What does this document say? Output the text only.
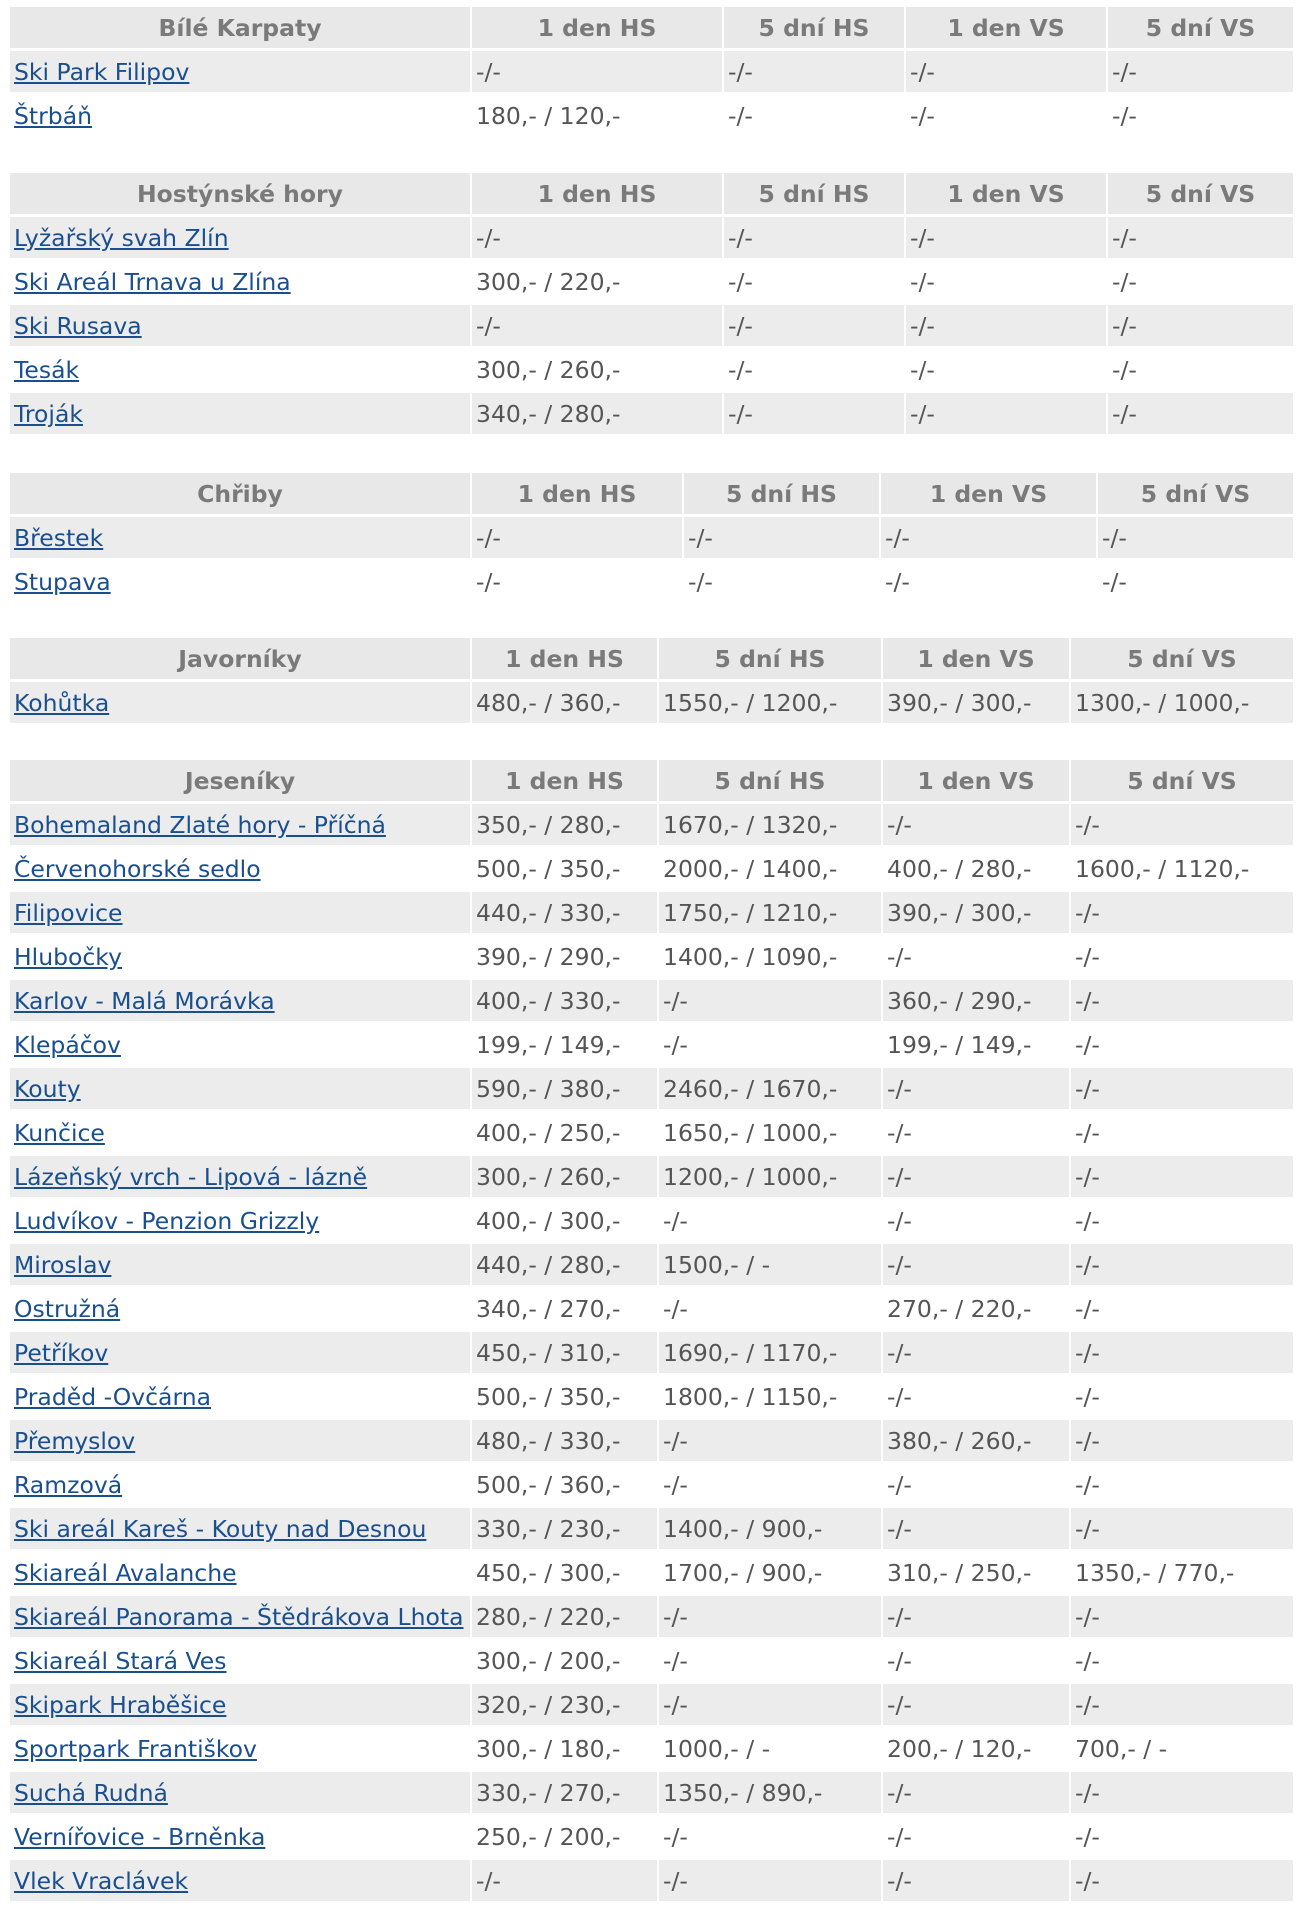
Bílé Karpaty	1 den HS	5 dní HS	1 den VS	5 dní VS
Ski Park Filipov	-/-	-/-	-/-	-/-
Štrbáň	180,- / 120,-	-/-	-/-	-/-
Hostýnské hory	1 den HS	5 dní HS	1 den VS	5 dní VS
Lyžařský svah Zlín	-/-	-/-	-/-	-/-
Ski Areál Trnava u Zlína	300,- / 220,-	-/-	-/-	-/-
Ski Rusava	-/-	-/-	-/-	-/-
Tesák	300,- / 260,-	-/-	-/-	-/-
Troják	340,- / 280,-	-/-	-/-	-/-
Chřiby	1 den HS	5 dní HS	1 den VS	5 dní VS
Břestek	-/-	-/-	-/-	-/-
Stupava	-/-	-/-	-/-	-/-
Javorníky	1 den HS	5 dní HS	1 den VS	5 dní VS
Kohůtka	480,- / 360,-	1550,- / 1200,-	390,- / 300,-	1300,- / 1000,-
Jeseníky	1 den HS	5 dní HS	1 den VS	5 dní VS
Bohemaland Zlaté hory - Příčná	350,- / 280,-	1670,- / 1320,-	-/-	-/-
Červenohorské sedlo	500,- / 350,-	2000,- / 1400,-	400,- / 280,-	1600,- / 1120,-
Filipovice	440,- / 330,-	1750,- / 1210,-	390,- / 300,-	-/-
Hlubočky	390,- / 290,-	1400,- / 1090,-	-/-	-/-
Karlov - Malá Morávka	400,- / 330,-	-/-	360,- / 290,-	-/-
Klepáčov	199,- / 149,-	-/-	199,- / 149,-	-/-
Kouty	590,- / 380,-	2460,- / 1670,-	-/-	-/-
Kunčice	400,- / 250,-	1650,- / 1000,-	-/-	-/-
Lázeňský vrch - Lipová - lázně	300,- / 260,-	1200,- / 1000,-	-/-	-/-
Ludvíkov - Penzion Grizzly	400,- / 300,-	-/-	-/-	-/-
Miroslav	440,- / 280,-	1500,- / -	-/-	-/-
Ostružná	340,- / 270,-	-/-	270,- / 220,-	-/-
Petříkov	450,- / 310,-	1690,- / 1170,-	-/-	-/-
Praděd -Ovčárna	500,- / 350,-	1800,- / 1150,-	-/-	-/-
Přemyslov	480,- / 330,-	-/-	380,- / 260,-	-/-
Ramzová	500,- / 360,-	-/-	-/-	-/-
Ski areál Kareš - Kouty nad Desnou	330,- / 230,-	1400,- / 900,-	-/-	-/-
Skiareál Avalanche	450,- / 300,-	1700,- / 900,-	310,- / 250,-	1350,- / 770,-
Skiareál Panorama - Štědrákova Lhota	280,- / 220,-	-/-	-/-	-/-
Skiareál Stará Ves	300,- / 200,-	-/-	-/-	-/-
Skipark Hraběšice	320,- / 230,-	-/-	-/-	-/-
Sportpark Františkov	300,- / 180,-	1000,- / -	200,- / 120,-	700,- / -
Suchá Rudná	330,- / 270,-	1350,- / 890,-	-/-	-/-
Vernířovice - Brněnka	250,- / 200,-	-/-	-/-	-/-
Vlek Vraclávek	-/-	-/-	-/-	-/-
